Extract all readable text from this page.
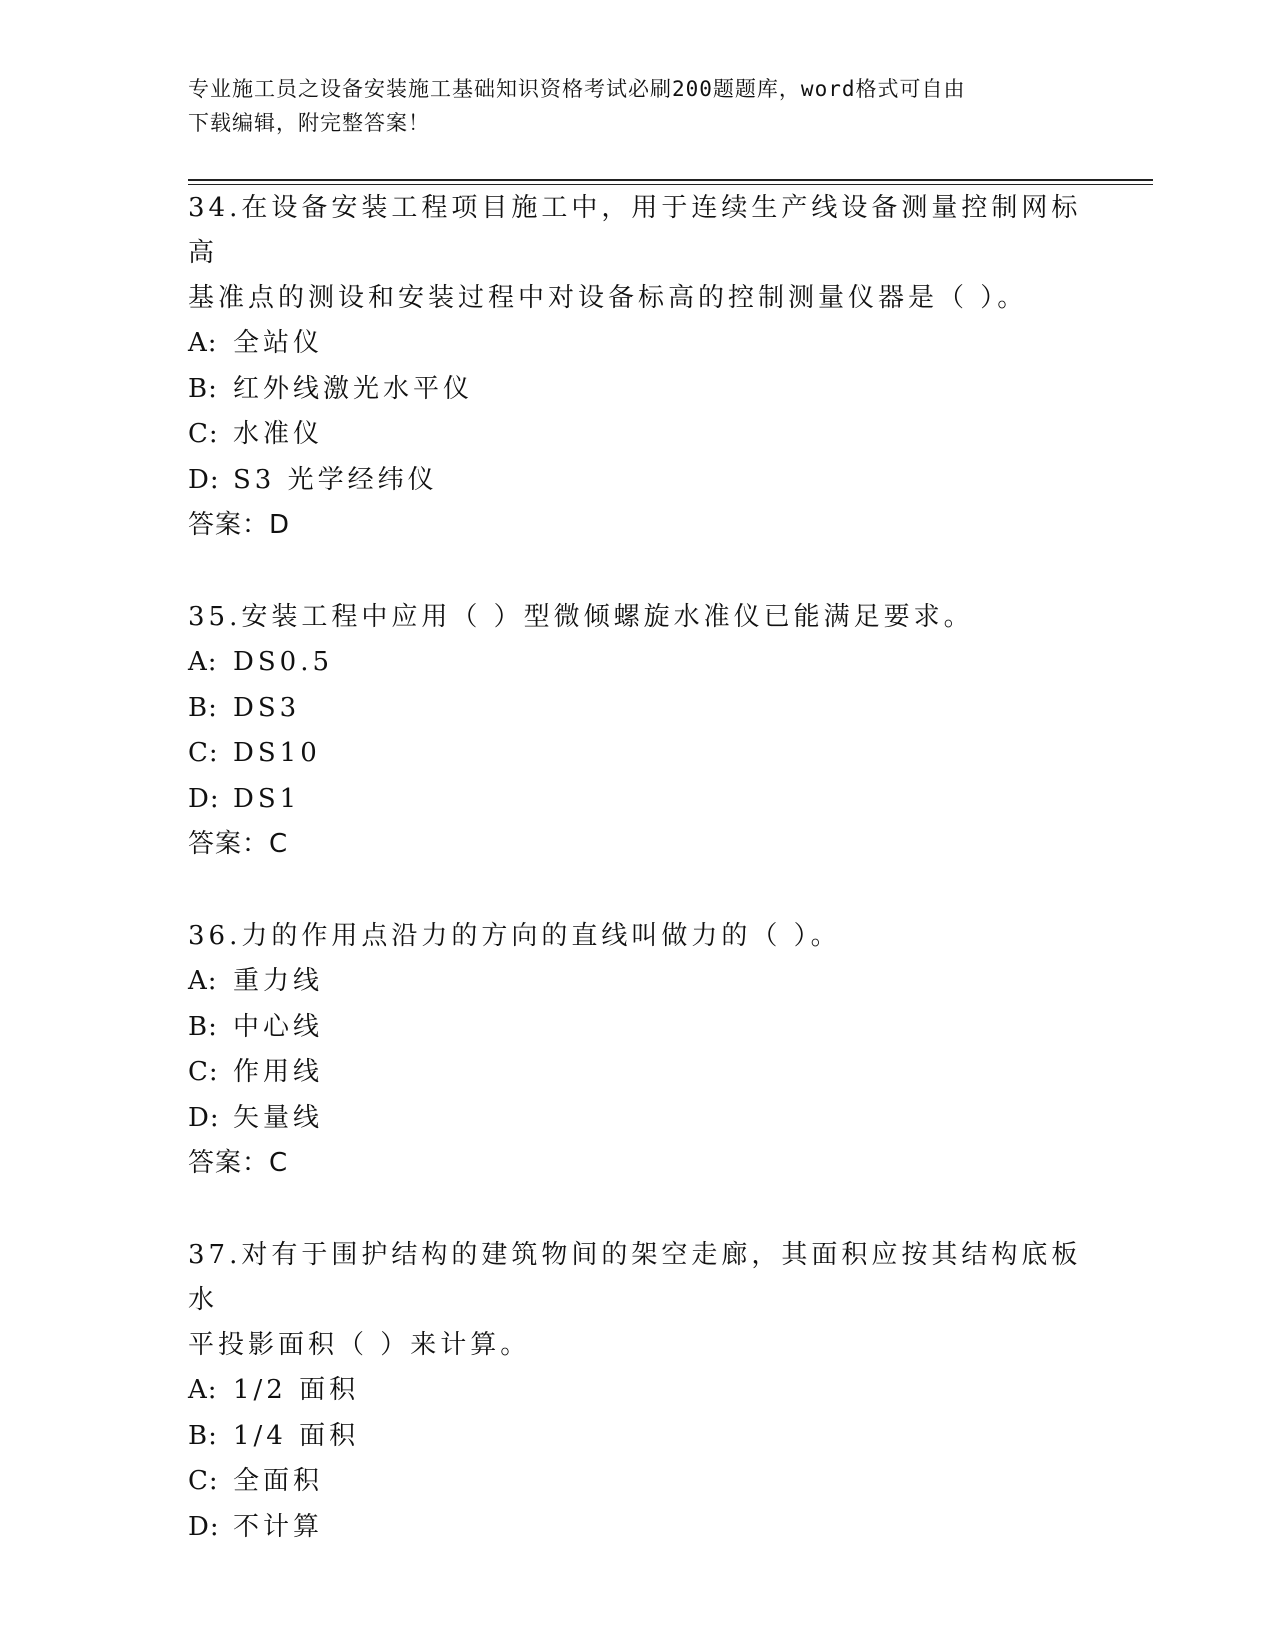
专业施工员之设备安装施工基础知识资格考试必刷200题题库，word格式可自由
下载编辑，附完整答案！

34.在设备安装工程项目施工中，用于连续生产线设备测量控制网标高

基准点的测设和安装过程中对设备标高的控制测量仪器是（ ）。

A: 全站仪

B: 红外线激光水平仪

C: 水准仪

D: S3 光学经纬仪

答案：D

35.安装工程中应用（ ）型微倾螺旋水准仪已能满足要求。

A: DS0.5

B: DS3

C: DS10

D: DS1

答案：C

36.力的作用点沿力的方向的直线叫做力的（ ）。

A: 重力线

B: 中心线

C: 作用线

D: 矢量线

答案：C

37.对有于围护结构的建筑物间的架空走廊，其面积应按其结构底板水

平投影面积（ ）来计算。

A: 1/2 面积

B: 1/4 面积

C: 全面积

D: 不计算
